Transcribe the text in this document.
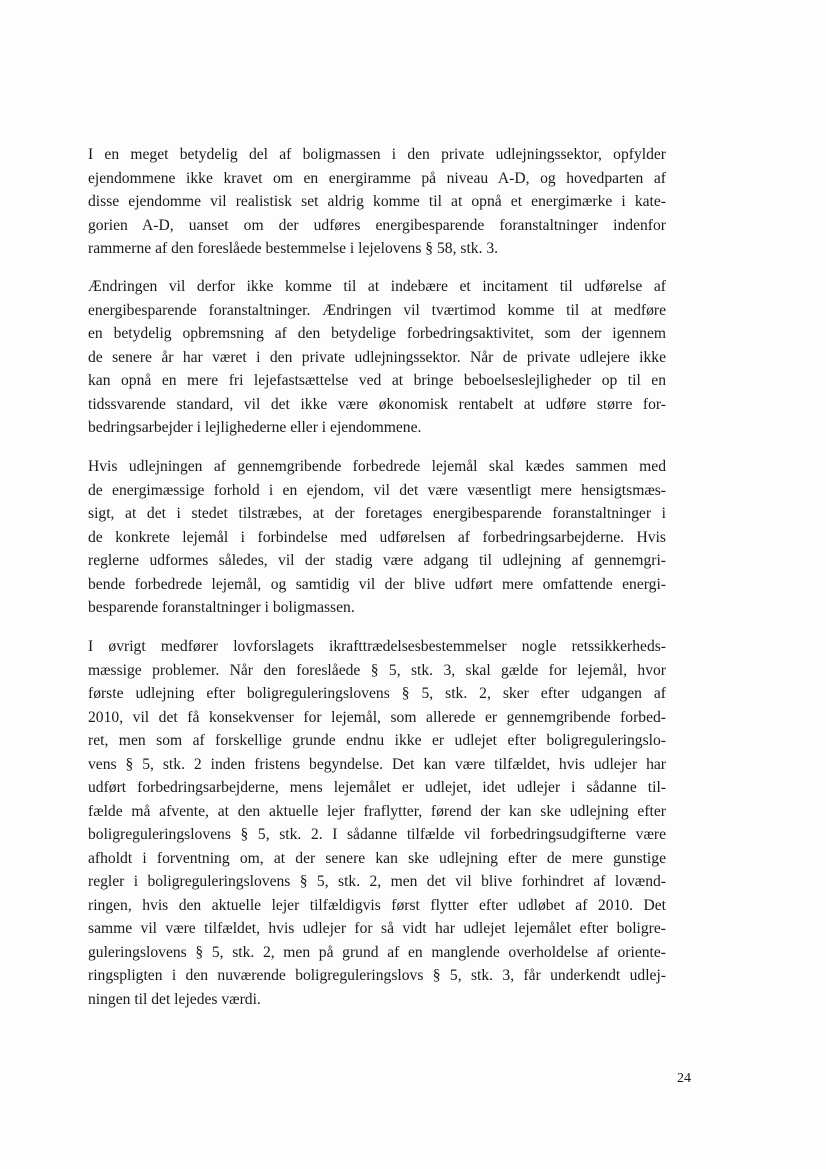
I en meget betydelig del af boligmassen i den private udlejningssektor, opfylder
ejendommene ikke kravet om en energiramme på niveau A-D, og hovedparten af
disse ejendomme vil realistisk set aldrig komme til at opnå et energimærke i kate-
gorien A-D, uanset om der udføres energibesparende foranstaltninger indenfor
rammerne af den foreslåede bestemmelse i lejelovens § 58, stk. 3.
Ændringen vil derfor ikke komme til at indebære et incitament til udførelse af
energibesparende foranstaltninger. Ændringen vil tværtimod komme til at medføre
en betydelig opbremsning af den betydelige forbedringsaktivitet, som der igennem
de senere år har været i den private udlejningssektor. Når de private udlejere ikke
kan opnå en mere fri lejefastsættelse ved at bringe beboelseslejligheder op til en
tidssvarende standard, vil det ikke være økonomisk rentabelt at udføre større for-
bedringsarbejder i lejlighederne eller i ejendommene.
Hvis udlejningen af gennemgribende forbedrede lejemål skal kædes sammen med
de energimæssige forhold i en ejendom, vil det være væsentligt mere hensigtsmæs-
sigt, at det i stedet tilstræbes, at der foretages energibesparende foranstaltninger i
de konkrete lejemål i forbindelse med udførelsen af forbedringsarbejderne. Hvis
reglerne udformes således, vil der stadig være adgang til udlejning af gennemgri-
bende forbedrede lejemål, og samtidig vil der blive udført mere omfattende energi-
besparende foranstaltninger i boligmassen.
I øvrigt medfører lovforslagets ikrafttrædelsesbestemmelser nogle retssikkerheds-
mæssige problemer. Når den foreslåede § 5, stk. 3, skal gælde for lejemål, hvor
første udlejning efter boligreguleringslovens § 5, stk. 2, sker efter udgangen af
2010, vil det få konsekvenser for lejemål, som allerede er gennemgribende forbed-
ret, men som af forskellige grunde endnu ikke er udlejet efter boligreguleringslo-
vens § 5, stk. 2 inden fristens begyndelse. Det kan være tilfældet, hvis udlejer har
udført forbedringsarbejderne, mens lejemålet er udlejet, idet udlejer i sådanne til-
fælde må afvente, at den aktuelle lejer fraflytter, førend der kan ske udlejning efter
boligreguleringslovens § 5, stk. 2. I sådanne tilfælde vil forbedringsudgifterne være
afholdt i forventning om, at der senere kan ske udlejning efter de mere gunstige
regler i boligreguleringslovens § 5, stk. 2, men det vil blive forhindret af lovænd-
ringen, hvis den aktuelle lejer tilfældigvis først flytter efter udløbet af 2010. Det
samme vil være tilfældet, hvis udlejer for så vidt har udlejet lejemålet efter boligre-
guleringslovens § 5, stk. 2, men på grund af en manglende overholdelse af oriente-
ringspligten i den nuværende boligreguleringslovs § 5, stk. 3, får underkendt udlej-
ningen til det lejedes værdi.
24
